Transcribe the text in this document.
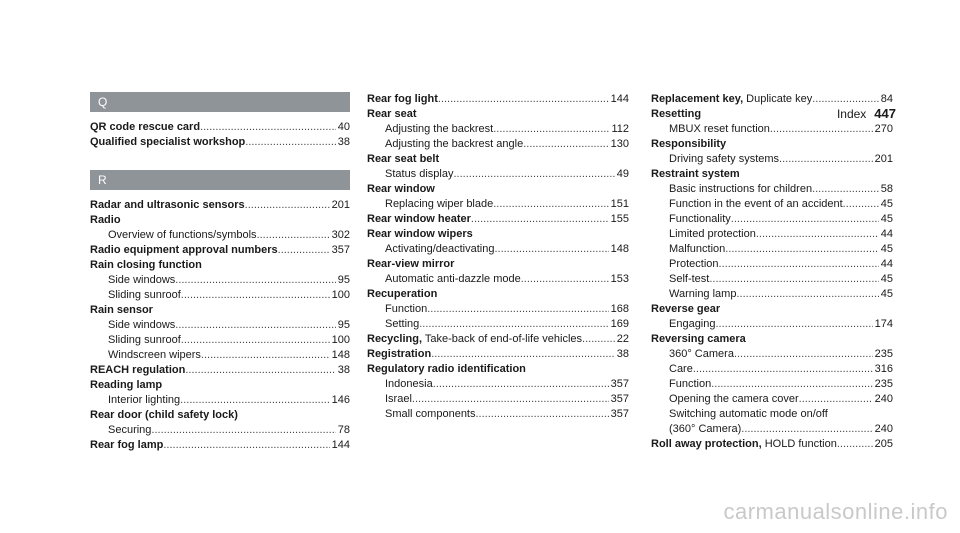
Index 447
Q
QR code rescue card .....	40
Qualified specialist workshop .....	38
R
Radar and ultrasonic sensors .....	201
Radio
Overview of functions/symbols .....	302
Radio equipment approval numbers .....	357
Rain closing function
Side windows .....	95
Sliding sunroof .....	100
Rain sensor
Side windows .....	95
Sliding sunroof .....	100
Windscreen wipers .....	148
REACH regulation .....	38
Reading lamp
Interior lighting .....	146
Rear door (child safety lock)
Securing .....	78
Rear fog lamp .....	144
Rear fog light .....	144
Rear seat
Adjusting the backrest .....	112
Adjusting the backrest angle .....	130
Rear seat belt
Status display .....	49
Rear window
Replacing wiper blade .....	151
Rear window heater .....	155
Rear window wipers
Activating/deactivating .....	148
Rear-view mirror
Automatic anti-dazzle mode .....	153
Recuperation
Function .....	168
Setting .....	169
Recycling, Take-back of end-of-life vehicles .....	22
Registration .....	38
Regulatory radio identification
Indonesia .....	357
Israel .....	357
Small components .....	357
Replacement key, Duplicate key .....	84
Resetting
MBUX reset function .....	270
Responsibility
Driving safety systems .....	201
Restraint system
Basic instructions for children .....	58
Function in the event of an accident .....	45
Functionality .....	45
Limited protection .....	44
Malfunction .....	45
Protection .....	44
Self-test .....	45
Warning lamp .....	45
Reverse gear
Engaging .....	174
Reversing camera
360° Camera .....	235
Care .....	316
Function .....	235
Opening the camera cover .....	240
Switching automatic mode on/off
(360° Camera) .....	240
Roll away protection, HOLD function .....	205
carmanualsonline.info
